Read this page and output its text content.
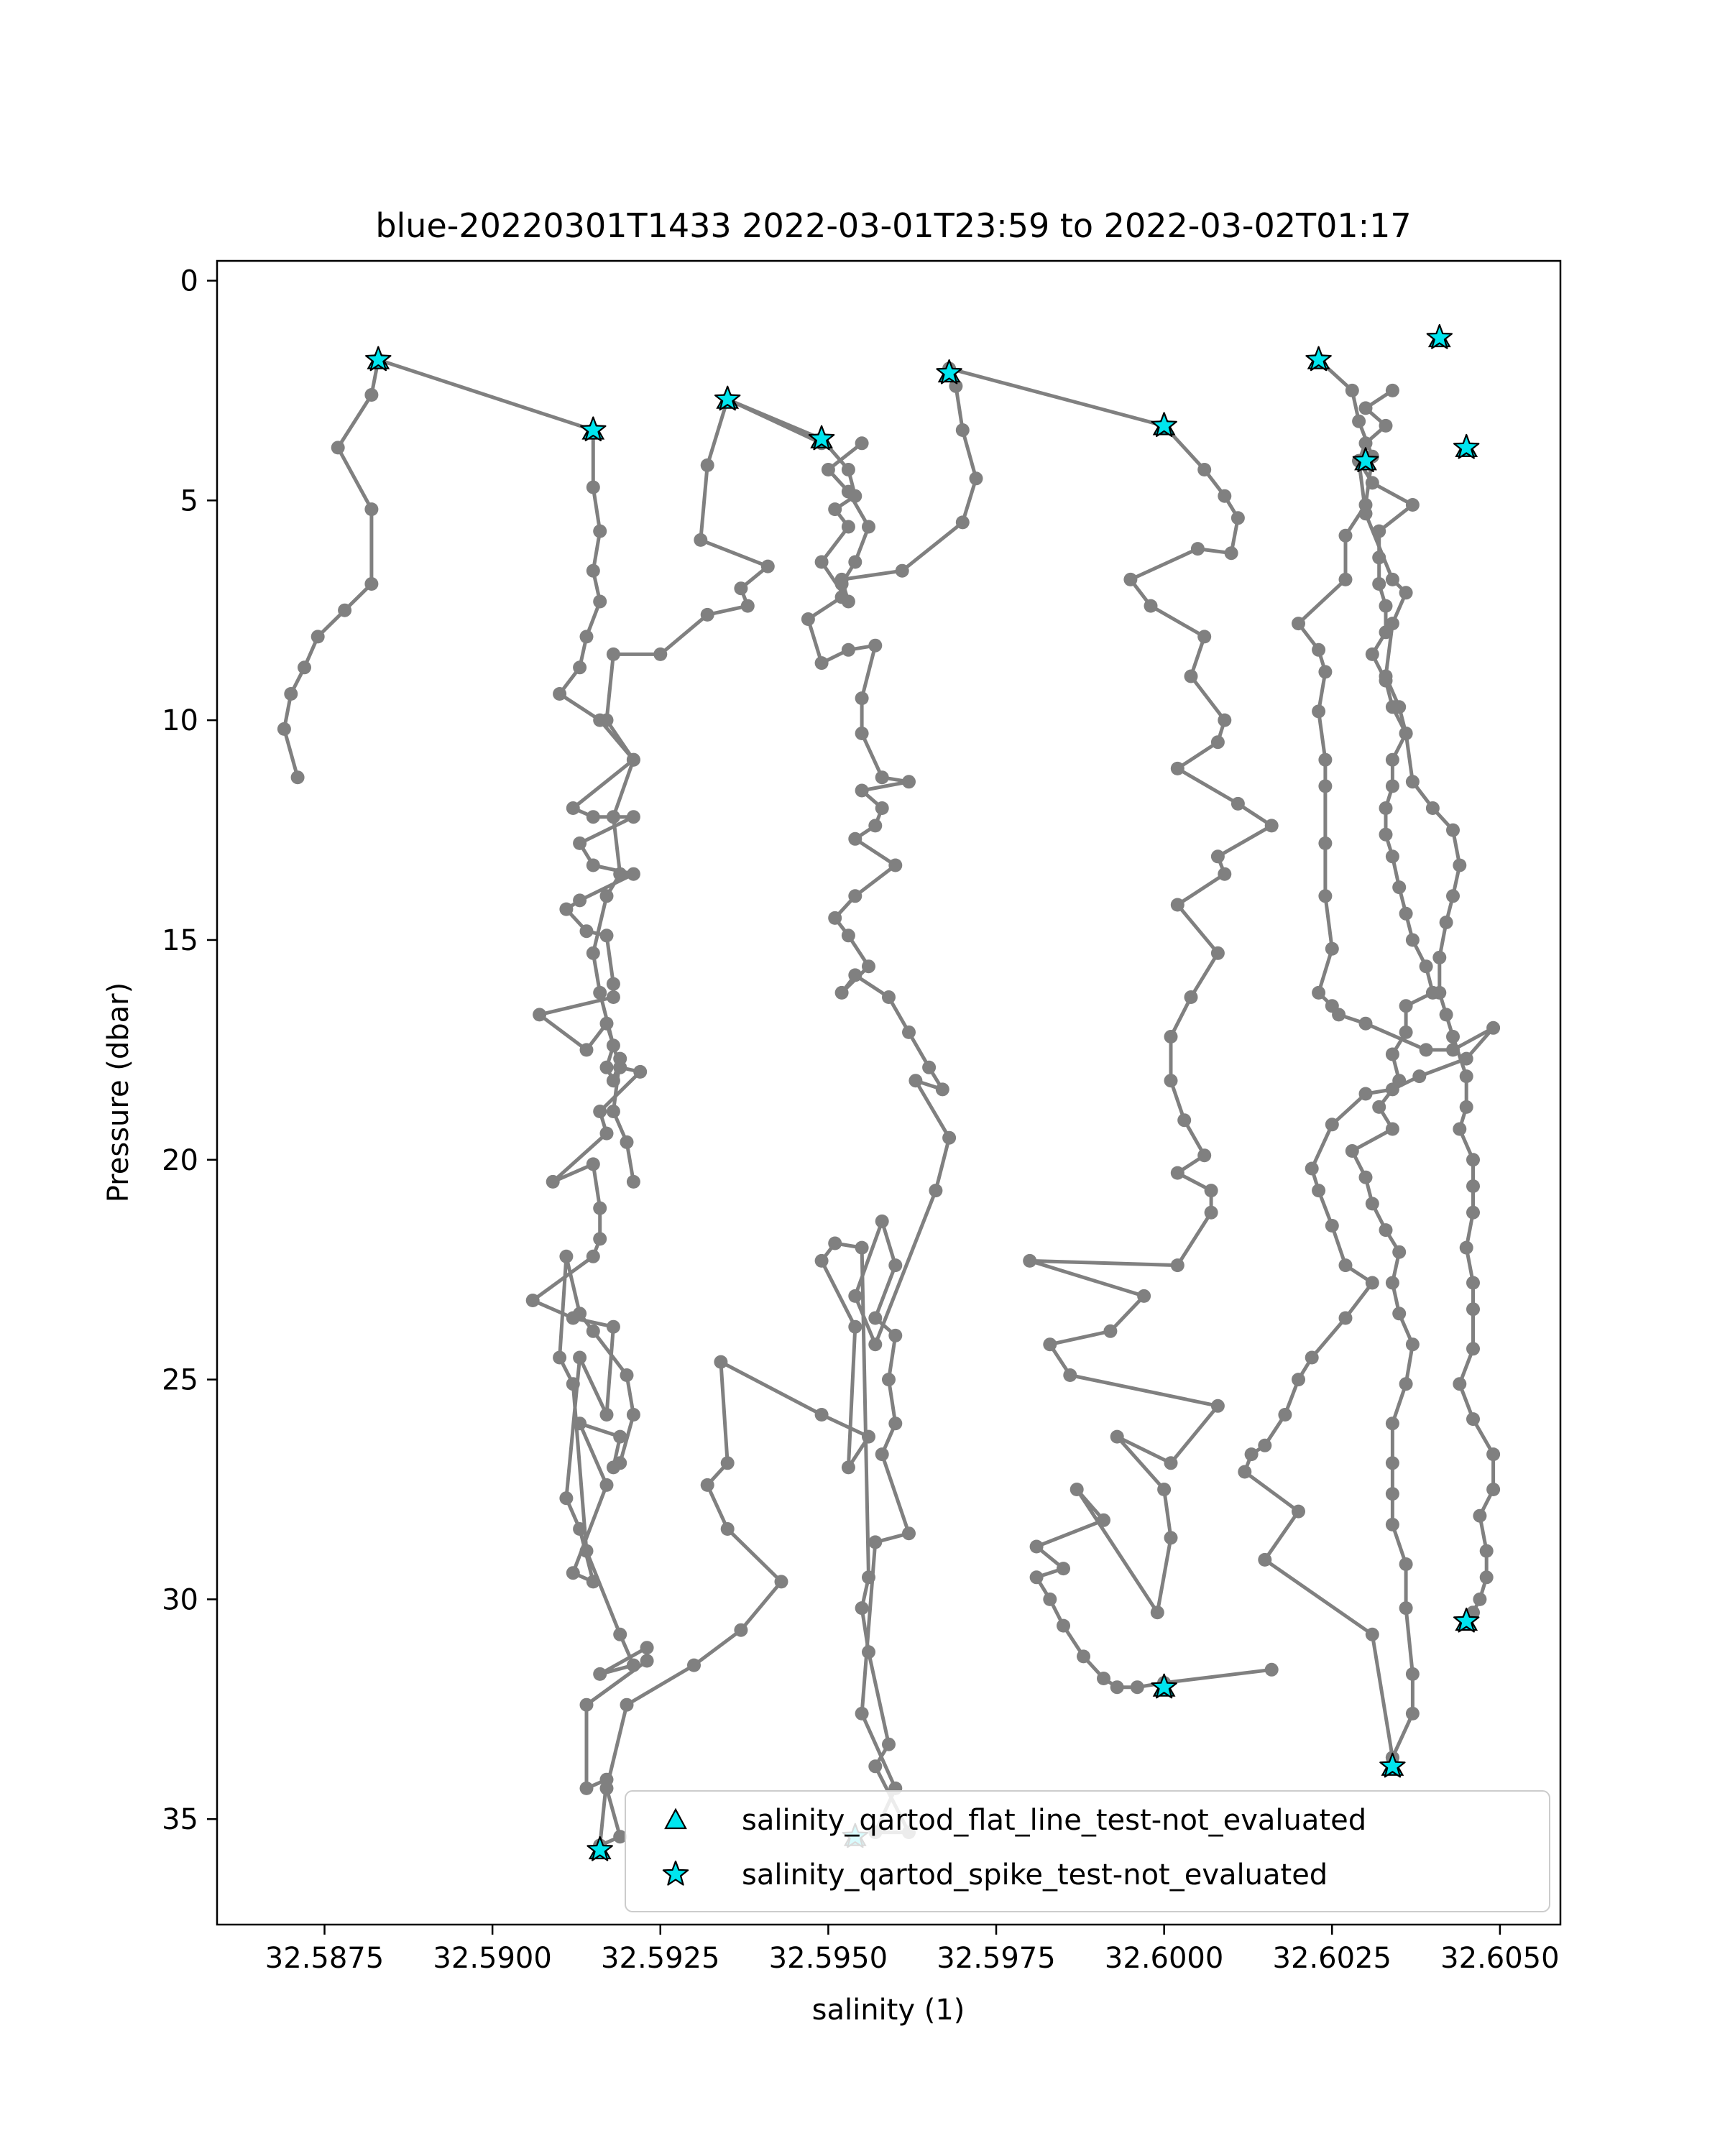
blue-20220301T1433 2022-03-01T23:59 to 2022-03-02T01:17
32.5875 32.5900 32.5925 32.5950 32.5975 32.6000 32.6025 32.6050
0
5
10
15
20
25
30
35
salinity (1)
Pressure (dbar)
salinity_qartod_flat_line_test-not_evaluated
salinity_qartod_spike_test-not_evaluated
